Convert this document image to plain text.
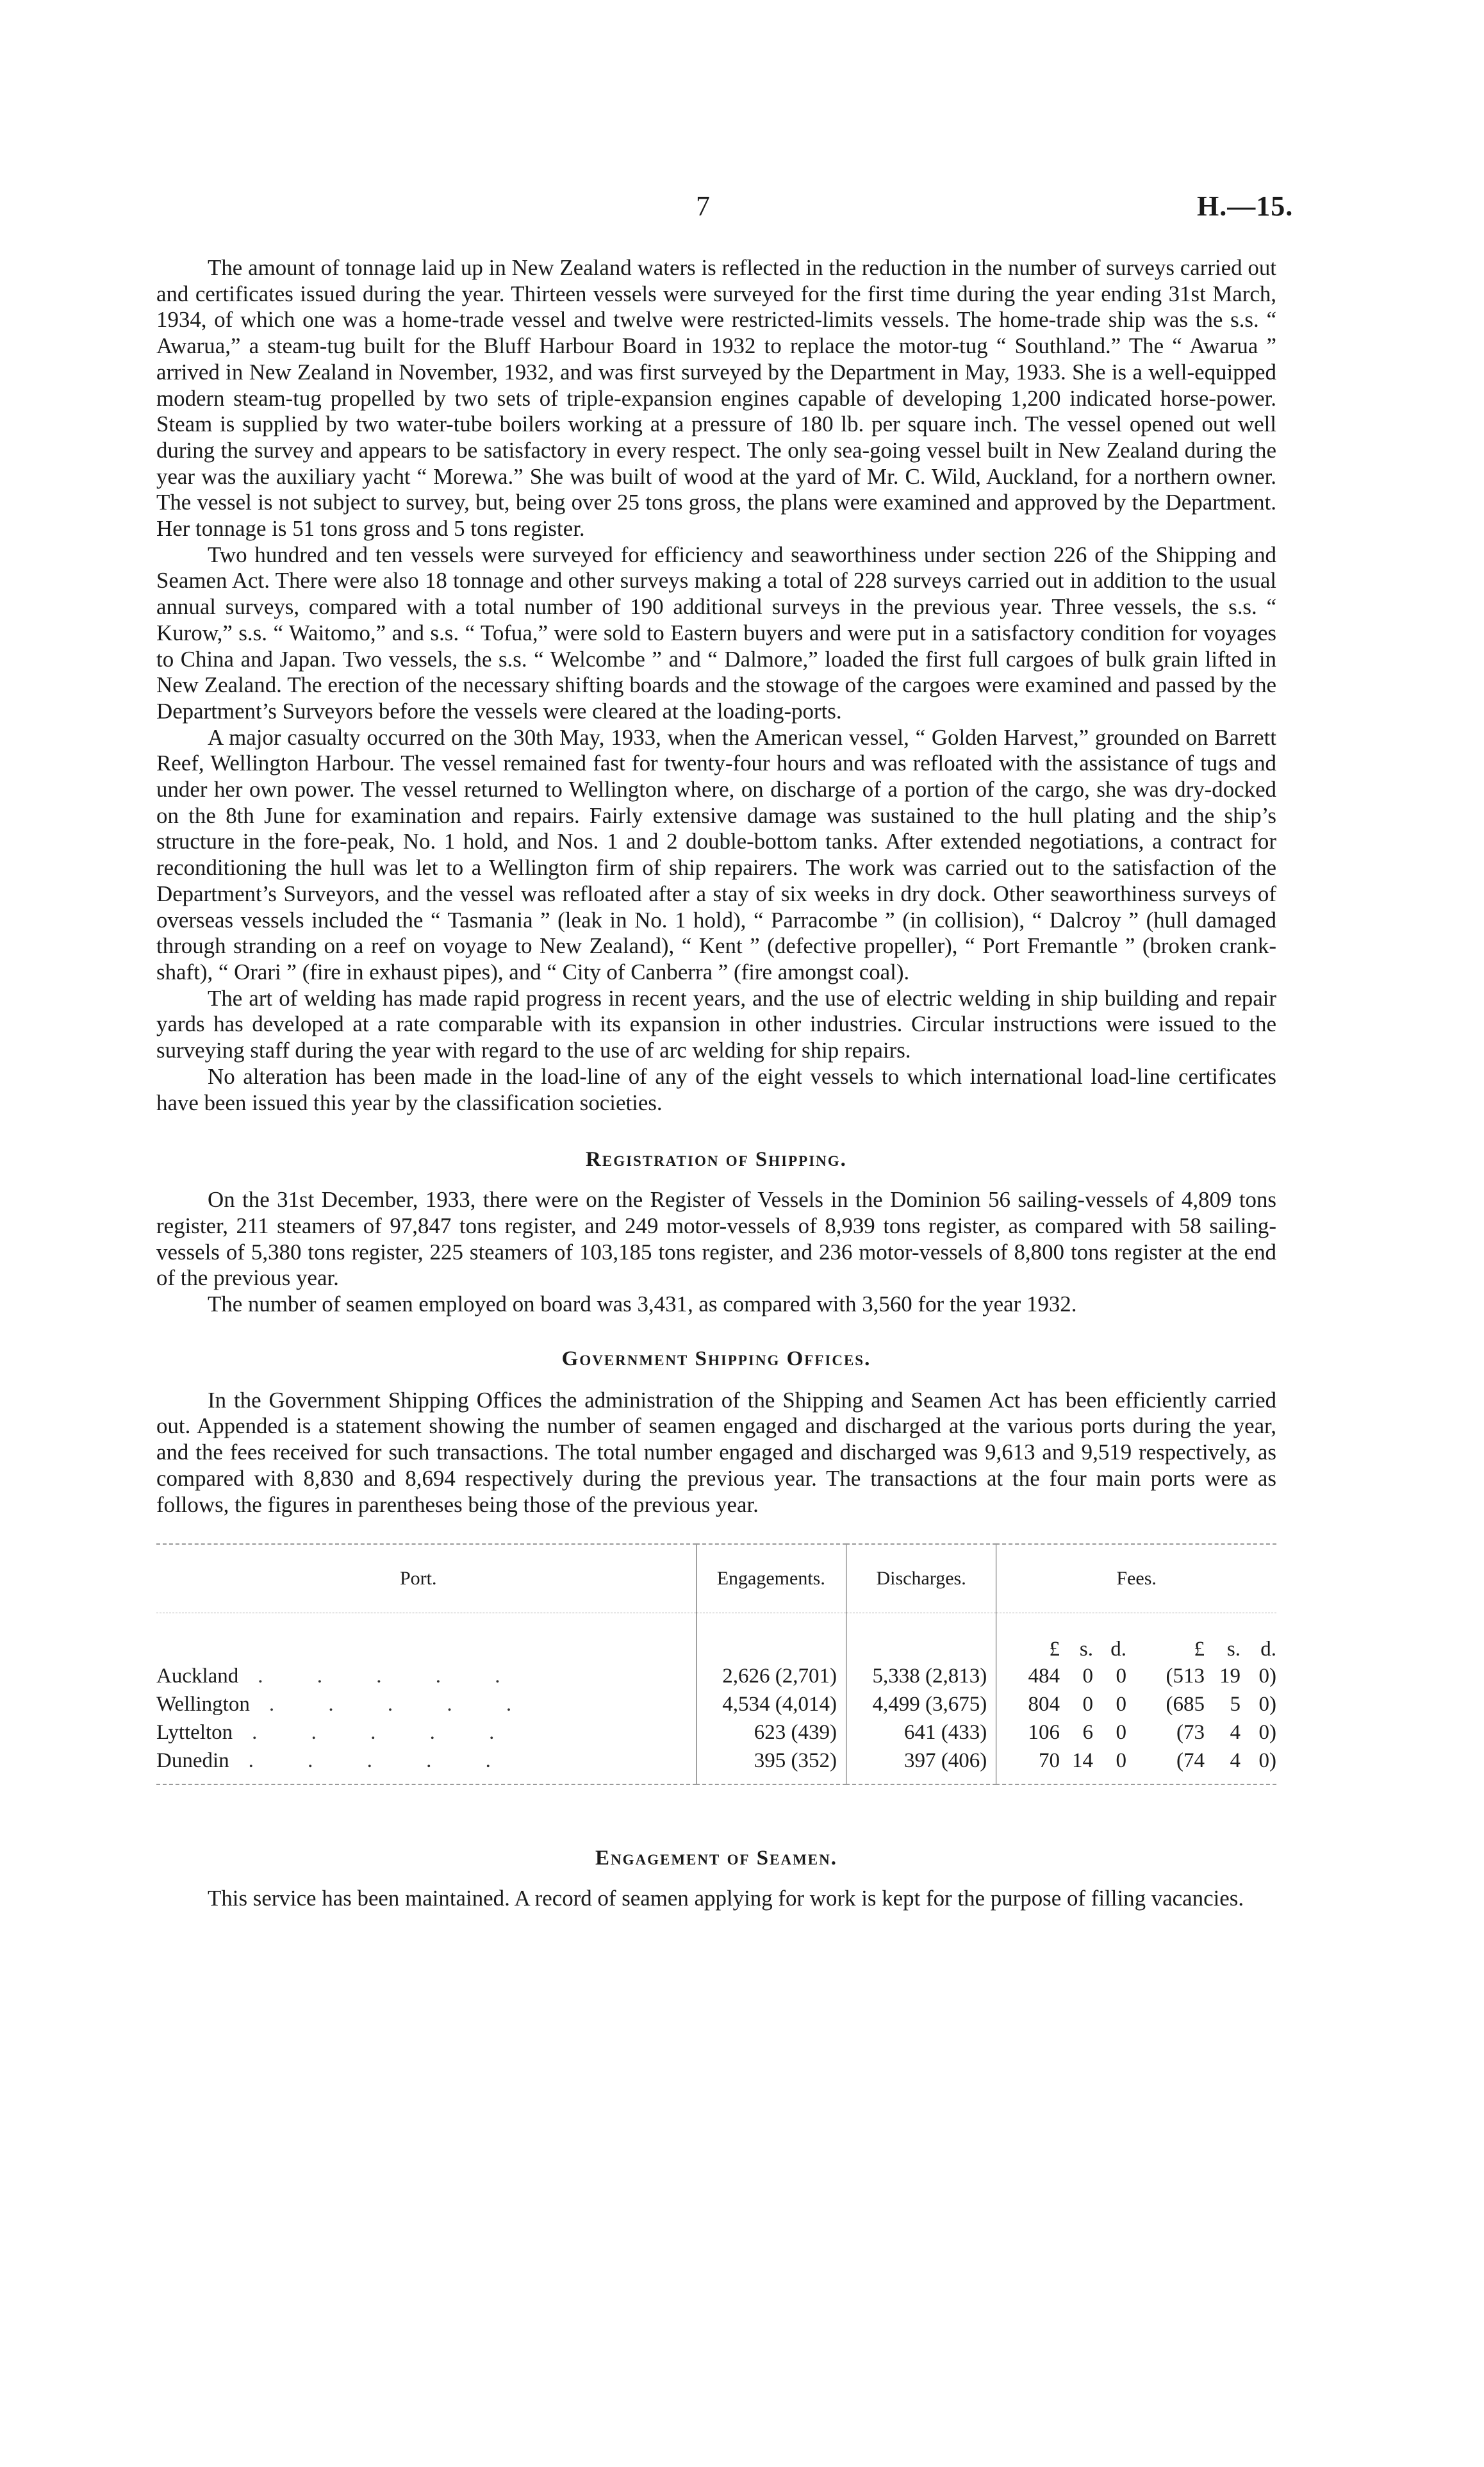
7	H.—15.

The amount of tonnage laid up in New Zealand waters is reflected in the reduction in the number of surveys carried out and certificates issued during the year. Thirteen vessels were surveyed for the first time during the year ending 31st March, 1934, of which one was a home-trade vessel and twelve were restricted-limits vessels. The home-trade ship was the s.s. “ Awarua,” a steam-tug built for the Bluff Harbour Board in 1932 to replace the motor-tug “ Southland.” The “ Awarua ” arrived in New Zealand in November, 1932, and was first surveyed by the Department in May, 1933. She is a well-equipped modern steam-tug propelled by two sets of triple-expansion engines capable of developing 1,200 indicated horse-power. Steam is supplied by two water-tube boilers working at a pressure of 180 lb. per square inch. The vessel opened out well during the survey and appears to be satisfactory in every respect. The only sea-going vessel built in New Zealand during the year was the auxiliary yacht “ Morewa.” She was built of wood at the yard of Mr. C. Wild, Auckland, for a northern owner. The vessel is not subject to survey, but, being over 25 tons gross, the plans were examined and approved by the Department. Her tonnage is 51 tons gross and 5 tons register.

Two hundred and ten vessels were surveyed for efficiency and seaworthiness under section 226 of the Shipping and Seamen Act. There were also 18 tonnage and other surveys making a total of 228 surveys carried out in addition to the usual annual surveys, compared with a total number of 190 additional surveys in the previous year. Three vessels, the s.s. “ Kurow,” s.s. “ Waitomo,” and s.s. “ Tofua,” were sold to Eastern buyers and were put in a satisfactory condition for voyages to China and Japan. Two vessels, the s.s. “ Welcombe ” and “ Dalmore,” loaded the first full cargoes of bulk grain lifted in New Zealand. The erection of the necessary shifting boards and the stowage of the cargoes were examined and passed by the Department’s Surveyors before the vessels were cleared at the loading-ports.

A major casualty occurred on the 30th May, 1933, when the American vessel, “ Golden Harvest,” grounded on Barrett Reef, Wellington Harbour. The vessel remained fast for twenty-four hours and was refloated with the assistance of tugs and under her own power. The vessel returned to Wellington where, on discharge of a portion of the cargo, she was dry-docked on the 8th June for examination and repairs. Fairly extensive damage was sustained to the hull plating and the ship’s structure in the fore-peak, No. 1 hold, and Nos. 1 and 2 double-bottom tanks. After extended negotiations, a contract for reconditioning the hull was let to a Wellington firm of ship repairers. The work was carried out to the satisfaction of the Department’s Surveyors, and the vessel was refloated after a stay of six weeks in dry dock. Other seaworthiness surveys of overseas vessels included the “ Tasmania ” (leak in No. 1 hold), “ Parracombe ” (in collision), “ Dalcroy ” (hull damaged through stranding on a reef on voyage to New Zealand), “ Kent ” (defective propeller), “ Port Fremantle ” (broken crank-shaft), “ Orari ” (fire in exhaust pipes), and “ City of Canberra ” (fire amongst coal).

The art of welding has made rapid progress in recent years, and the use of electric welding in ship building and repair yards has developed at a rate comparable with its expansion in other industries. Circular instructions were issued to the surveying staff during the year with regard to the use of arc welding for ship repairs.

No alteration has been made in the load-line of any of the eight vessels to which international load-line certificates have been issued this year by the classification societies.

Registration of Shipping.

On the 31st December, 1933, there were on the Register of Vessels in the Dominion 56 sailing-vessels of 4,809 tons register, 211 steamers of 97,847 tons register, and 249 motor-vessels of 8,939 tons register, as compared with 58 sailing-vessels of 5,380 tons register, 225 steamers of 103,185 tons register, and 236 motor-vessels of 8,800 tons register at the end of the previous year.

The number of seamen employed on board was 3,431, as compared with 3,560 for the year 1932.

Government Shipping Offices.

In the Government Shipping Offices the administration of the Shipping and Seamen Act has been efficiently carried out. Appended is a statement showing the number of seamen engaged and discharged at the various ports during the year, and the fees received for such transactions. The total number engaged and discharged was 9,613 and 9,519 respectively, as compared with 8,830 and 8,694 respectively during the previous year. The transactions at the four main ports were as follows, the figures in parentheses being those of the previous year.

Port.	Engagements.	Discharges.	Fees.
			£ s. d. £ s. d.
Auckland . . . . .	2,626 (2,701)	5,338 (2,813)	484 0 0 (513 19 0)
Wellington . . . . .	4,534 (4,014)	4,499 (3,675)	804 0 0 (685 5 0)
Lyttelton . . . . .	623 (439)	641 (433)	106 6 0 (73 4 0)
Dunedin . . . . .	395 (352)	397 (406)	70 14 0 (74 4 0)
Engagement of Seamen.

This service has been maintained. A record of seamen applying for work is kept for the purpose of filling vacancies.
